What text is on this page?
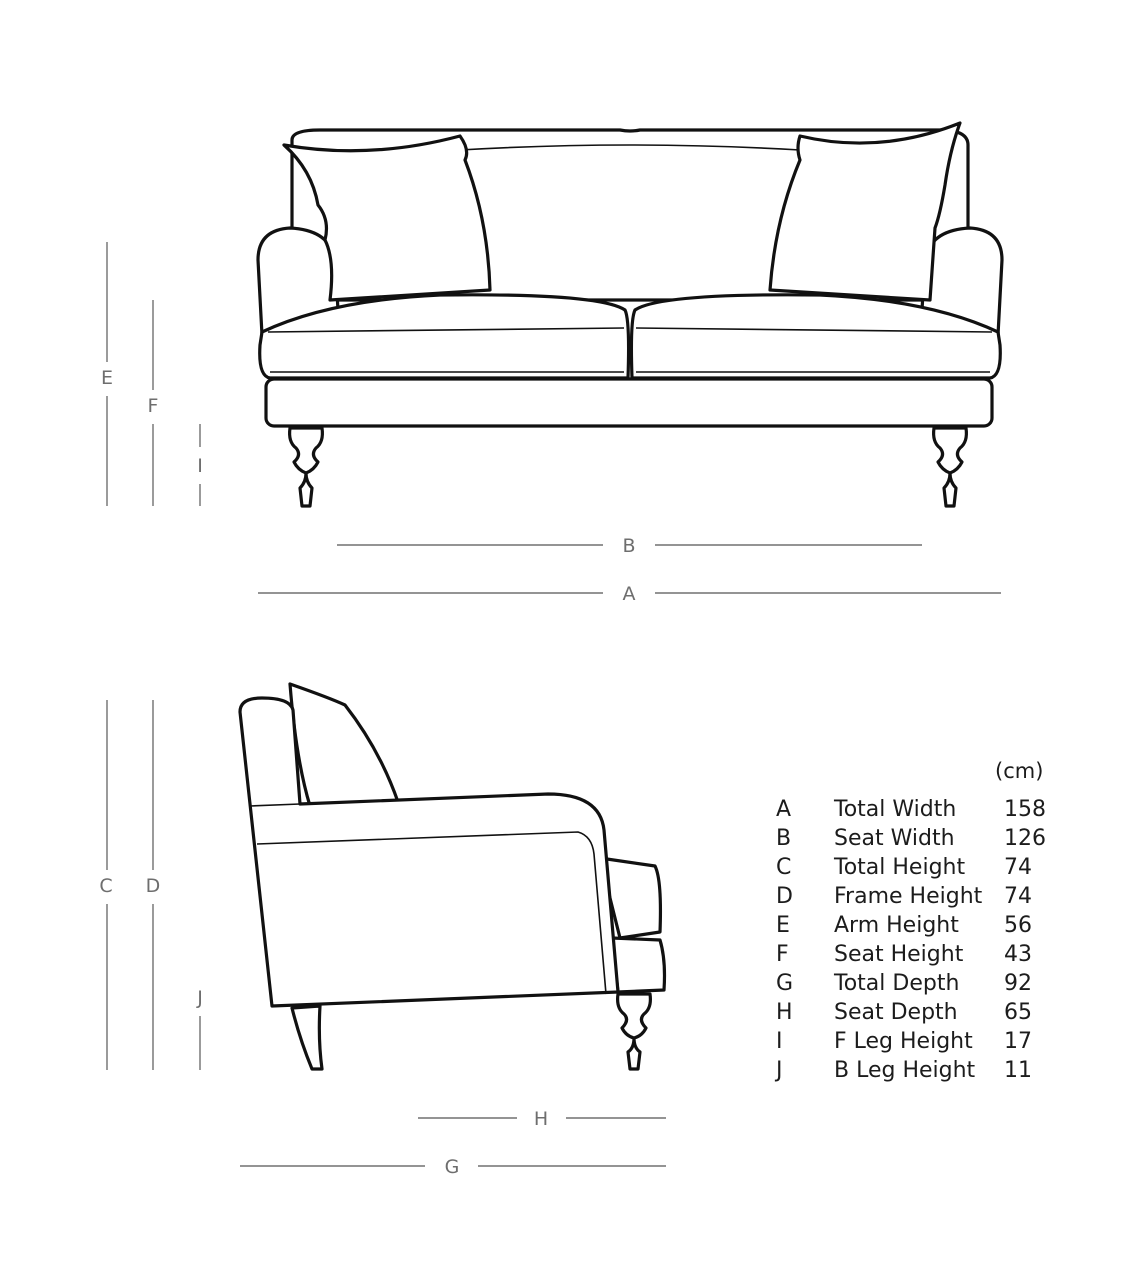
E
F
I
B
A
C	D
J
H
G
(cm)
A Total Width 158
B Seat Width 126
C Total Height 74
D Frame Height 74
E Arm Height 56
F Seat Height 43
G Total Depth 92
H Seat Depth 65
I F Leg Height 17
J B Leg Height 11
